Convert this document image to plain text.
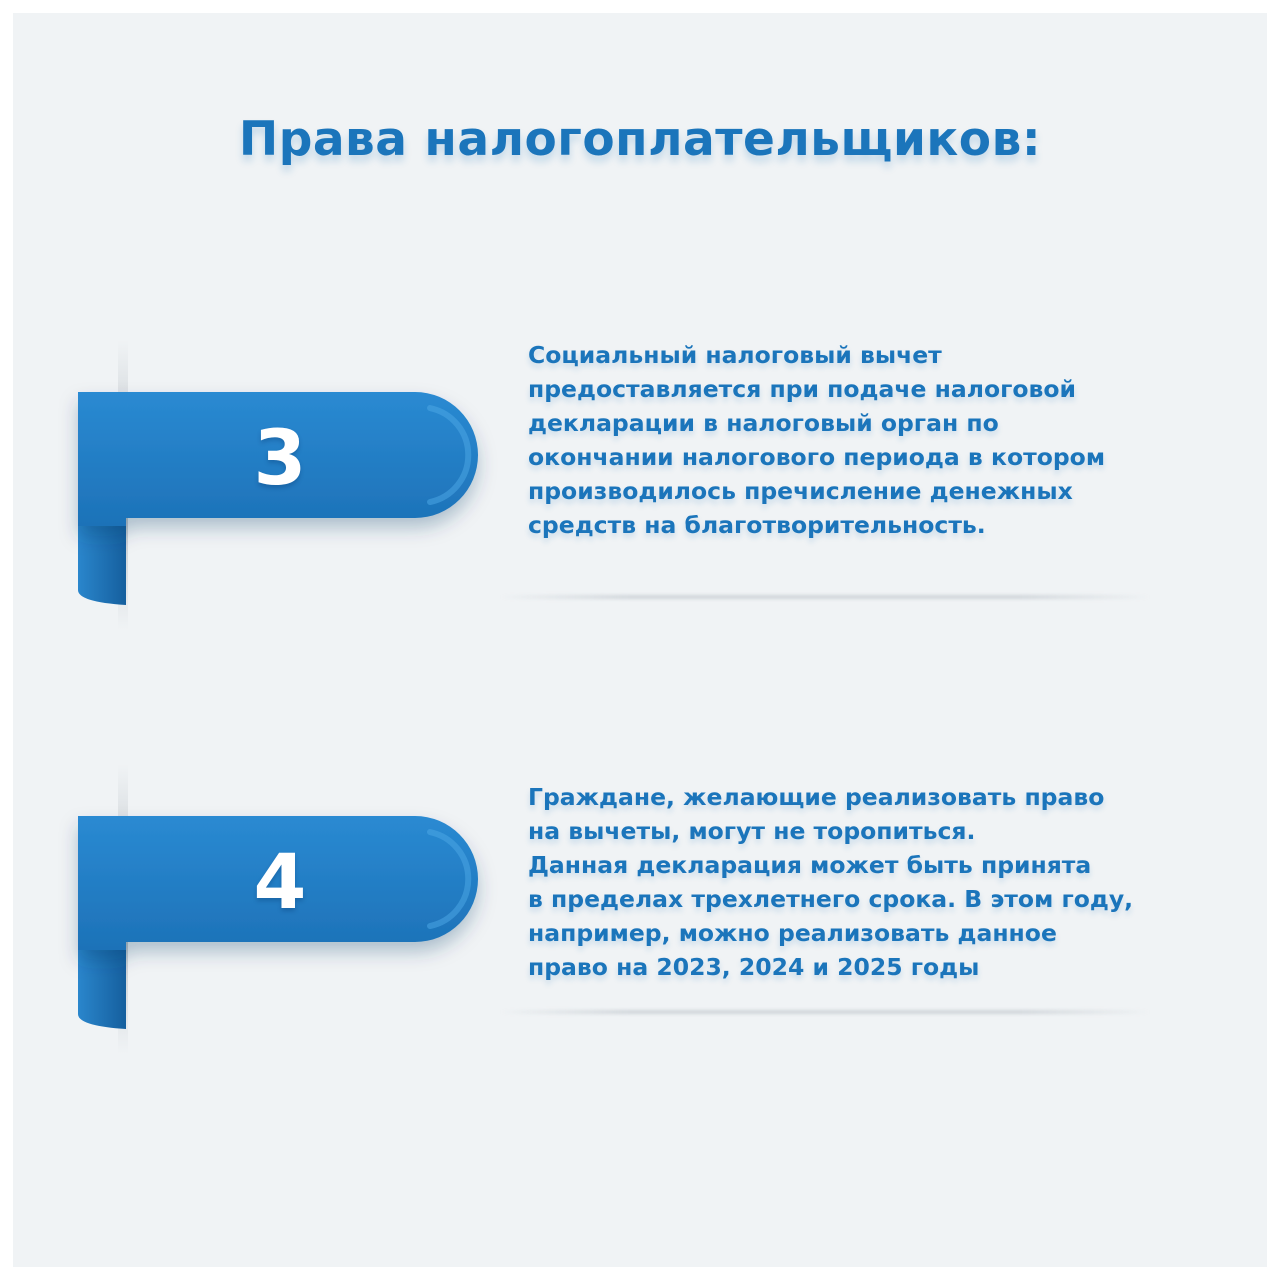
Права налогоплательщиков:
3

Социальный налоговый вычет
предоставляется при подаче налоговой
декларации в налоговый орган по
окончании налогового периода в котором
производилось пречисление денежных
средств на благотворительность.

4

Граждане, желающие реализовать право
на вычеты, могут не торопиться.
Данная декларация может быть принята
в пределах трехлетнего срока. В этом году,
например, можно реализовать данное
право на 2023, 2024 и 2025 годы
